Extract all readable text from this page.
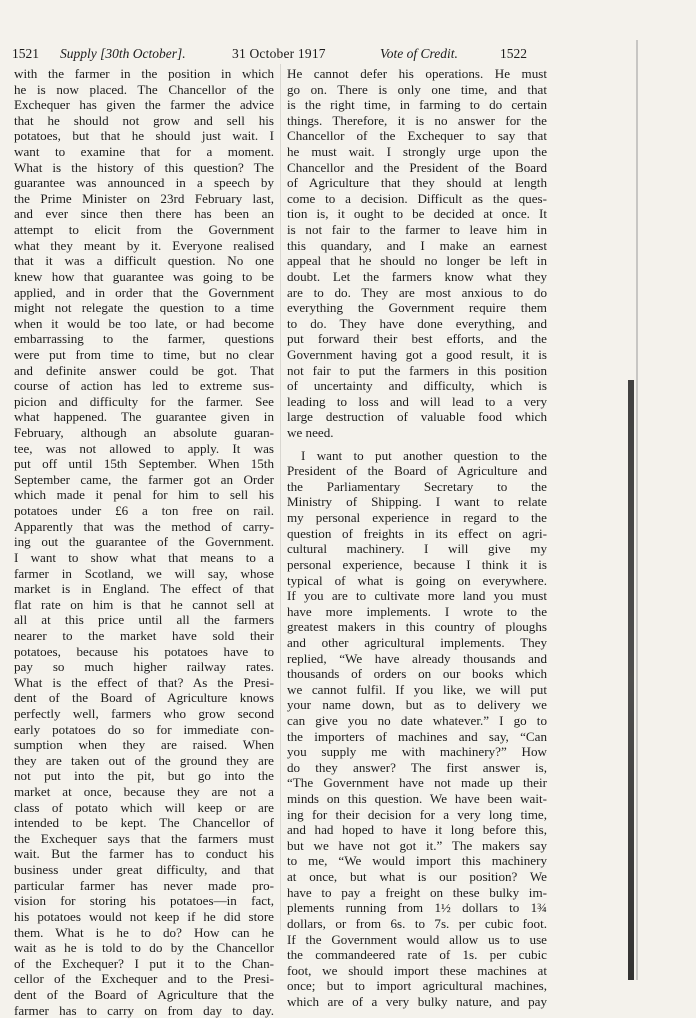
1521 Supply [30th October].	31 October 1917	Vote of Credit.	1522
with the farmer in the position in which
he is now placed. The Chancellor of the
Exchequer has given the farmer the advice
that he should not grow and sell his
potatoes, but that he should just wait. I
want to examine that for a moment.
What is the history of this question? The
guarantee was announced in a speech by
the Prime Minister on 23rd February last,
and ever since then there has been an
attempt to elicit from the Government
what they meant by it. Everyone realised
that it was a difficult question. No one
knew how that guarantee was going to be
applied, and in order that the Government
might not relegate the question to a time
when it would be too late, or had become
embarrassing to the farmer, questions
were put from time to time, but no clear
and definite answer could be got. That
course of action has led to extreme sus-
picion and difficulty for the farmer. See
what happened. The guarantee given in
February, although an absolute guaran-
tee, was not allowed to apply. It was
put off until 15th September. When 15th
September came, the farmer got an Order
which made it penal for him to sell his
potatoes under £6 a ton free on rail.
Apparently that was the method of carry-
ing out the guarantee of the Government.
I want to show what that means to a
farmer in Scotland, we will say, whose
market is in England. The effect of that
flat rate on him is that he cannot sell at
all at this price until all the farmers
nearer to the market have sold their
potatoes, because his potatoes have to
pay so much higher railway rates.
What is the effect of that? As the Presi-
dent of the Board of Agriculture knows
perfectly well, farmers who grow second
early potatoes do so for immediate con-
sumption when they are raised. When
they are taken out of the ground they are
not put into the pit, but go into the
market at once, because they are not a
class of potato which will keep or are
intended to be kept. The Chancellor of
the Exchequer says that the farmers must
wait. But the farmer has to conduct his
business under great difficulty, and that
particular farmer has never made pro-
vision for storing his potatoes—in fact,
his potatoes would not keep if he did store
them. What is he to do? How can he
wait as he is told to do by the Chancellor
of the Exchequer? I put it to the Chan-
cellor of the Exchequer and to the Presi-
dent of the Board of Agriculture that the
farmer has to carry on from day to day.
He cannot defer his operations. He must
go on. There is only one time, and that
is the right time, in farming to do certain
things. Therefore, it is no answer for the
Chancellor of the Exchequer to say that
he must wait. I strongly urge upon the
Chancellor and the President of the Board
of Agriculture that they should at length
come to a decision. Difficult as the ques-
tion is, it ought to be decided at once. It
is not fair to the farmer to leave him in
this quandary, and I make an earnest
appeal that he should no longer be left in
doubt. Let the farmers know what they
are to do. They are most anxious to do
everything the Government require them
to do. They have done everything, and
put forward their best efforts, and the
Government having got a good result, it is
not fair to put the farmers in this position
of uncertainty and difficulty, which is
leading to loss and will lead to a very
large destruction of valuable food which
we need.
I want to put another question to the
President of the Board of Agriculture and
the Parliamentary Secretary to the
Ministry of Shipping. I want to relate
my personal experience in regard to the
question of freights in its effect on agri-
cultural machinery. I will give my
personal experience, because I think it is
typical of what is going on everywhere.
If you are to cultivate more land you must
have more implements. I wrote to the
greatest makers in this country of ploughs
and other agricultural implements. They
replied, “We have already thousands and
thousands of orders on our books which
we cannot fulfil. If you like, we will put
your name down, but as to delivery we
can give you no date whatever.” I go to
the importers of machines and say, “Can
you supply me with machinery?” How
do they answer? The first answer is,
“The Government have not made up their
minds on this question. We have been wait-
ing for their decision for a very long time,
and had hoped to have it long before this,
but we have not got it.” The makers say
to me, “We would import this machinery
at once, but what is our position? We
have to pay a freight on these bulky im-
plements running from 1½ dollars to 1¾
dollars, or from 6s. to 7s. per cubic foot.
If the Government would allow us to use
the commandeered rate of 1s. per cubic
foot, we should import these machines at
once; but to import agricultural machines,
which are of a very bulky nature, and pay
